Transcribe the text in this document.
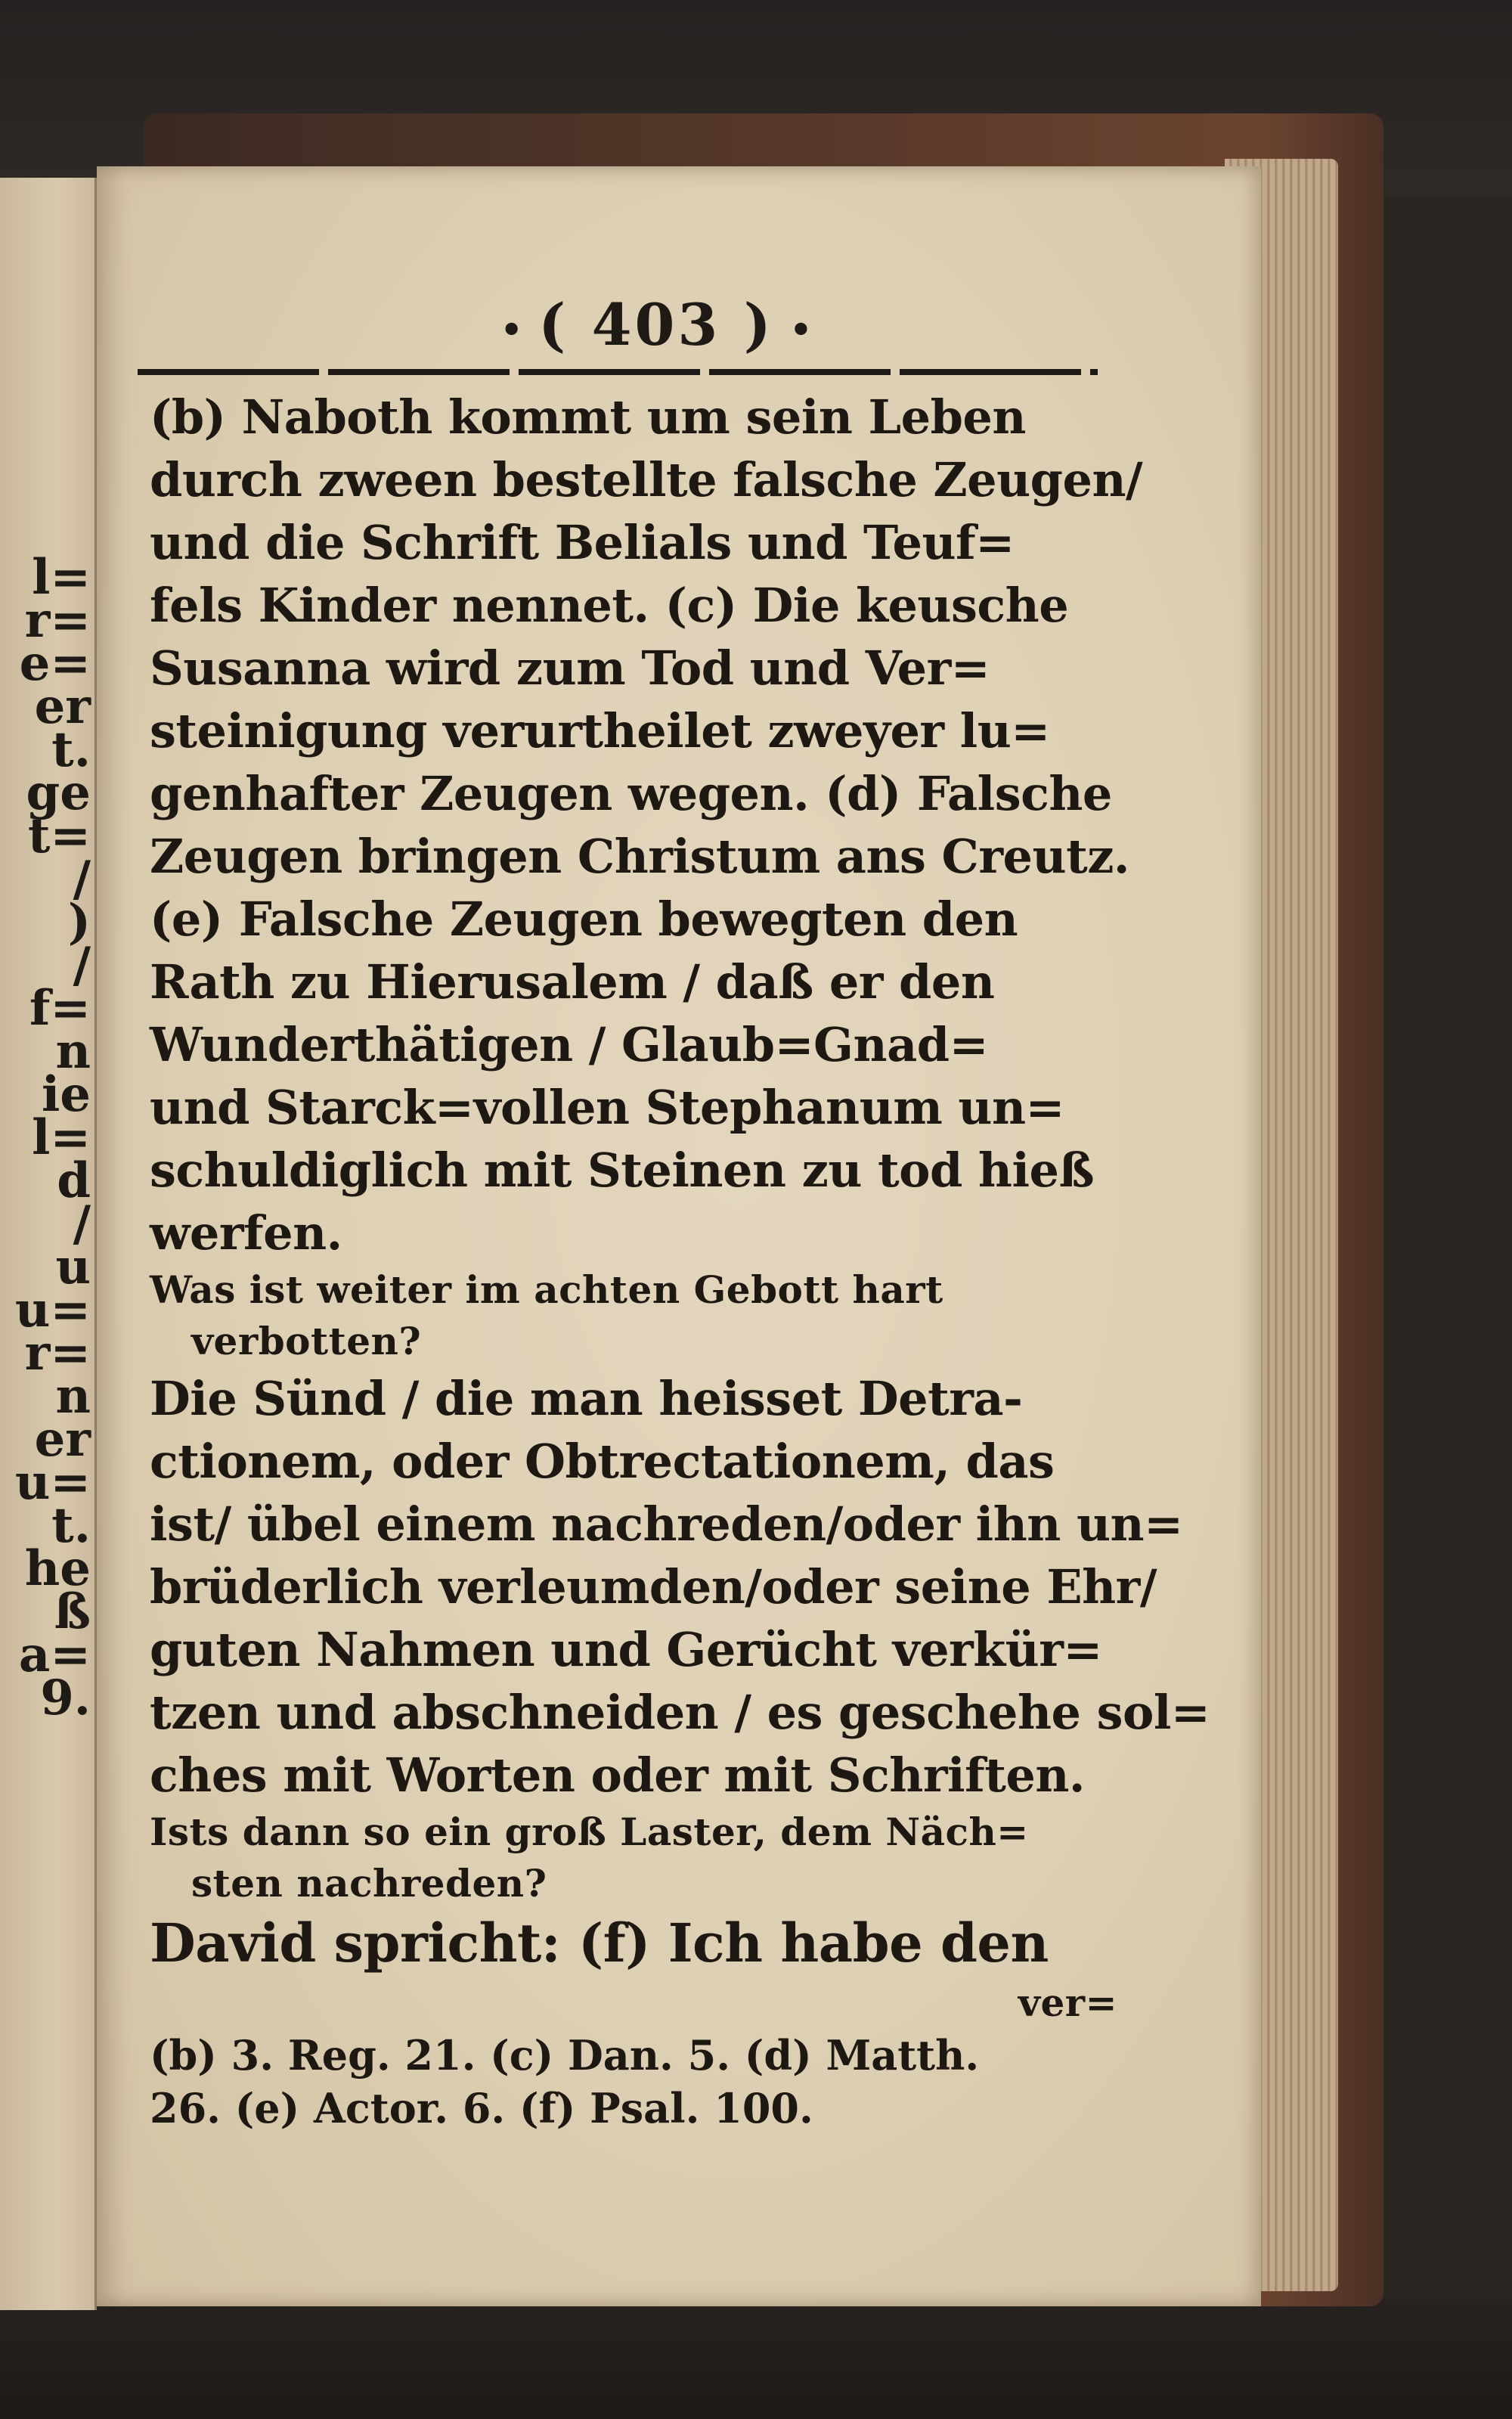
l=
r=
e=
er
t.
ge
t=
/
)
/
f=
n
ie
l=
d
/
u
u=
r=
n
er
u=
t.
he
ß
a=
9.
• ( 403 ) •
(b) Naboth kommt um sein Leben
durch zween bestellte falsche Zeugen/
und die Schrift Belials und Teuf=
fels Kinder nennet. (c) Die keusche
Susanna wird zum Tod und Ver=
steinigung verurtheilet zweyer lu=
genhafter Zeugen wegen. (d) Falsche
Zeugen bringen Christum ans Creutz.
(e) Falsche Zeugen bewegten den
Rath zu Hierusalem / daß er den
Wunderthätigen / Glaub=Gnad=
und Starck=vollen Stephanum un=
schuldiglich mit Steinen zu tod hieß
werfen.
Was ist weiter im achten Gebott hart
verbotten?
Die Sünd / die man heisset Detra-
ctionem, oder Obtrectationem, das
ist/ übel einem nachreden/oder ihn un=
brüderlich verleumden/oder seine Ehr/
guten Nahmen und Gerücht verkür=
tzen und abschneiden / es geschehe sol=
ches mit Worten oder mit Schriften.
Ists dann so ein groß Laster, dem Näch=
sten nachreden?
David spricht: (f) Ich habe den
ver=
(b) 3. Reg. 21. (c) Dan. 5. (d) Matth.
26. (e) Actor. 6. (f) Psal. 100.
